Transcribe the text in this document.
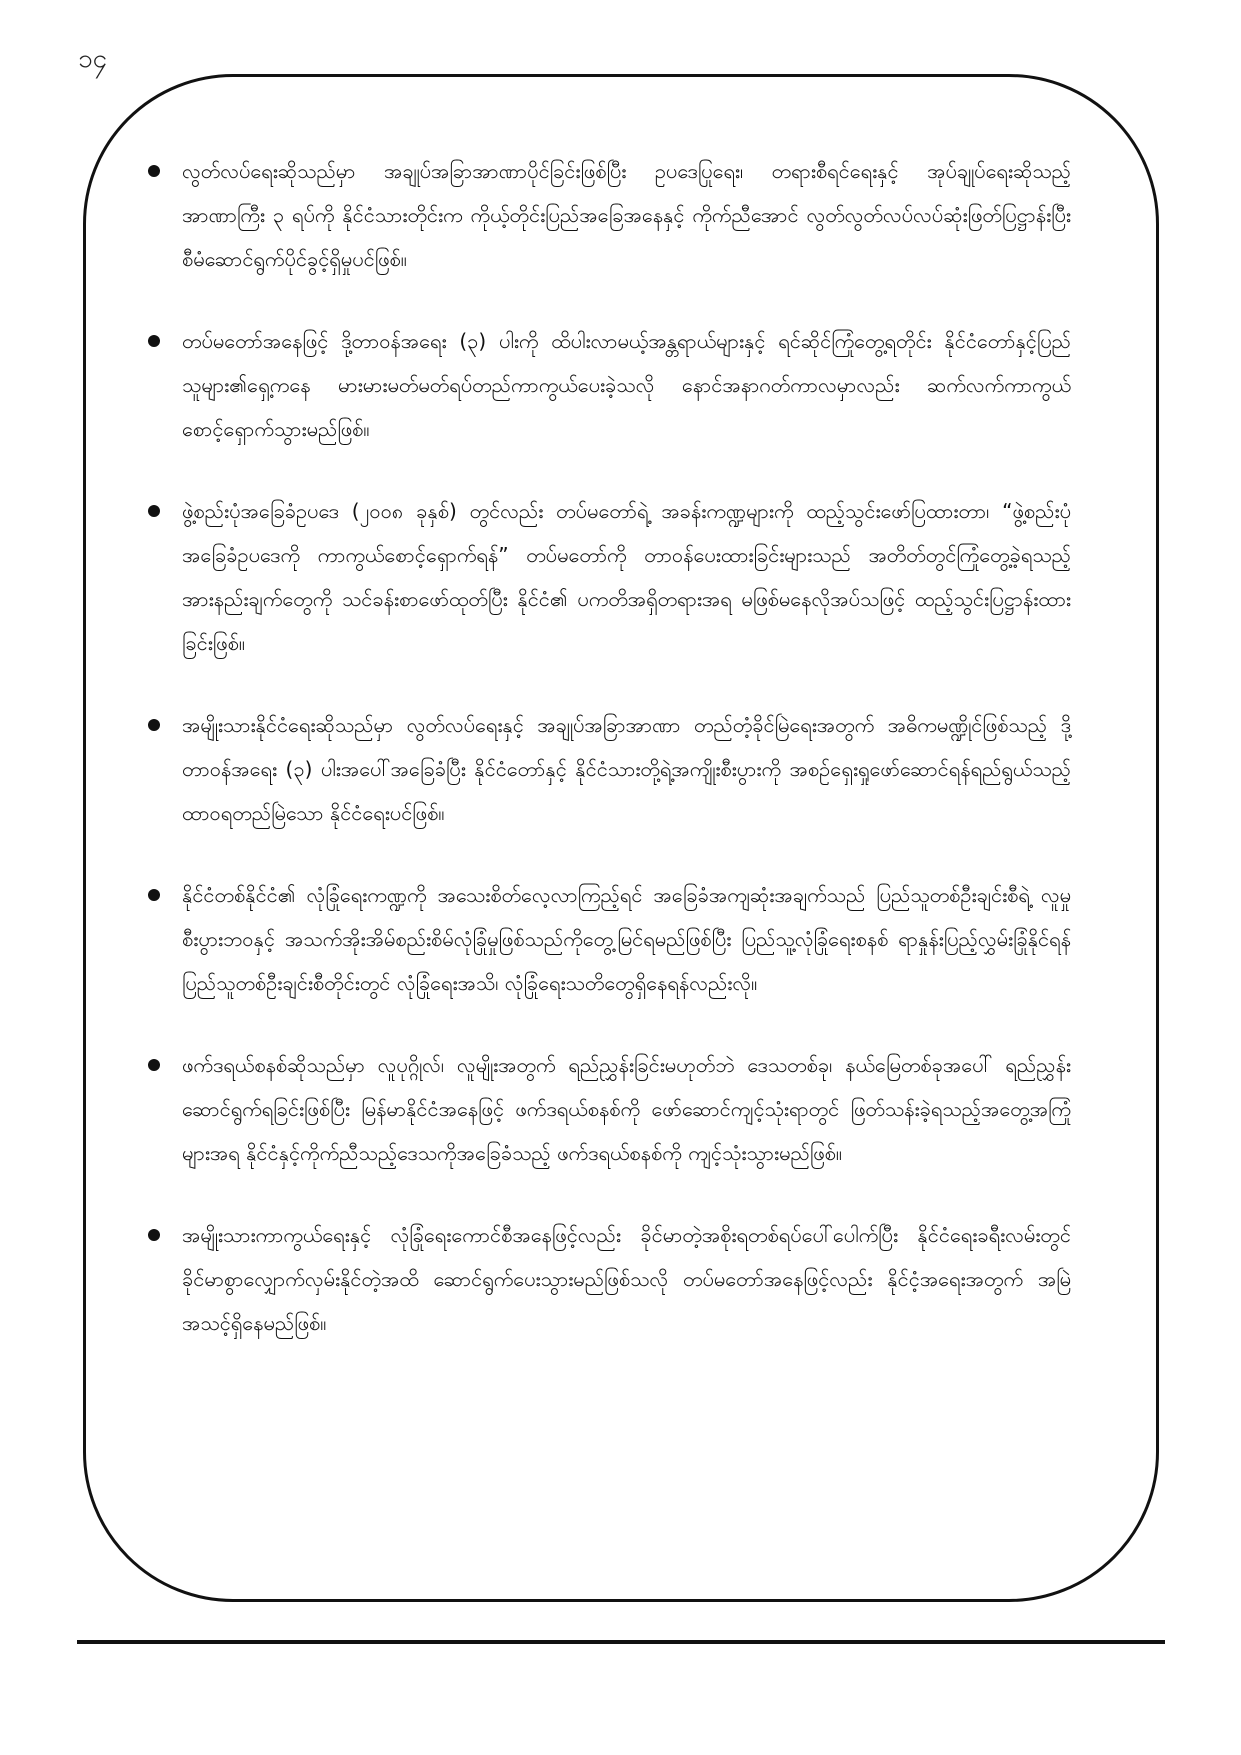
၁၄
လွတ်လပ်ရေးဆိုသည်မှာ အချုပ်အခြာအာဏာပိုင်ခြင်းဖြစ်ပြီး ဥပဒေပြုရေး၊ တရားစီရင်ရေးနှင့် အုပ်ချုပ်ရေးဆိုသည့် အာဏာကြီး ၃ ရပ်ကို နိုင်ငံသားတိုင်းက ကိုယ့်တိုင်းပြည်အခြေအနေနှင့် ကိုက်ညီအောင် လွတ်လွတ်လပ်လပ်ဆုံးဖြတ်ပြဋ္ဌာန်းပြီး စီမံဆောင်ရွက်ပိုင်ခွင့်ရှိမှုပင်ဖြစ်။
တပ်မတော်အနေဖြင့် ဒို့တာဝန်အရေး (၃) ပါးကို ထိပါးလာမယ့်အန္တရာယ်များနှင့် ရင်ဆိုင်ကြုံတွေ့ရတိုင်း နိုင်ငံတော်နှင့်ပြည်သူများ၏ရှေ့ကနေ မားမားမတ်မတ်ရပ်တည်ကာကွယ်ပေးခဲ့သလို နောင်အနာဂတ်ကာလမှာလည်း ဆက်လက်ကာကွယ်စောင့်ရှောက်သွားမည်ဖြစ်။
ဖွဲ့စည်းပုံအခြေခံဥပဒေ (၂၀၀၈ ခုနှစ်) တွင်လည်း တပ်မတော်ရဲ့ အခန်းကဏ္ဍများကို ထည့်သွင်းဖော်ပြထားတာ၊ “ဖွဲ့စည်းပုံအခြေခံဥပဒေကို ကာကွယ်စောင့်ရှောက်ရန်” တပ်မတော်ကို တာဝန်ပေးထားခြင်းများသည် အတိတ်တွင်ကြုံတွေ့ခဲ့ရသည့် အားနည်းချက်တွေကို သင်ခန်းစာဖော်ထုတ်ပြီး နိုင်ငံ၏ ပကတိအရှိတရားအရ မဖြစ်မနေလိုအပ်သဖြင့် ထည့်သွင်းပြဋ္ဌာန်းထားခြင်းဖြစ်။
အမျိုးသားနိုင်ငံရေးဆိုသည်မှာ လွတ်လပ်ရေးနှင့် အချုပ်အခြာအာဏာ တည်တံ့ခိုင်မြဲရေးအတွက် အဓိကမဏ္ဍိုင်ဖြစ်သည့် ဒို့တာဝန်အရေး (၃) ပါးအပေါ်အခြေခံပြီး နိုင်ငံတော်နှင့် နိုင်ငံသားတို့ရဲ့အကျိုးစီးပွားကို အစဉ်ရှေးရှုဖော်ဆောင်ရန်ရည်ရွယ်သည့် ထာဝရတည်မြဲသော နိုင်ငံရေးပင်ဖြစ်။
နိုင်ငံတစ်နိုင်ငံ၏ လုံခြုံရေးကဏ္ဍကို အသေးစိတ်လေ့လာကြည့်ရင် အခြေခံအကျဆုံးအချက်သည် ပြည်သူတစ်ဦးချင်းစီရဲ့ လူမှုစီးပွားဘဝနှင့် အသက်အိုးအိမ်စည်းစိမ်လုံခြုံမှုဖြစ်သည်ကိုတွေ့မြင်ရမည်ဖြစ်ပြီး ပြည်သူ့လုံခြုံရေးစနစ် ရာနှုန်းပြည့်လွှမ်းခြုံနိုင်ရန် ပြည်သူတစ်ဦးချင်းစီတိုင်းတွင် လုံခြုံရေးအသိ၊ လုံခြုံရေးသတိတွေရှိနေရန်လည်းလို။
ဖက်ဒရယ်စနစ်ဆိုသည်မှာ လူပုဂ္ဂိုလ်၊ လူမျိုးအတွက် ရည်ညွှန်းခြင်းမဟုတ်ဘဲ ဒေသတစ်ခု၊ နယ်မြေတစ်ခုအပေါ် ရည်ညွှန်းဆောင်ရွက်ရခြင်းဖြစ်ပြီး မြန်မာနိုင်ငံအနေဖြင့် ဖက်ဒရယ်စနစ်ကို ဖော်ဆောင်ကျင့်သုံးရာတွင် ဖြတ်သန်းခဲ့ရသည့်အတွေ့အကြုံများအရ နိုင်ငံနှင့်ကိုက်ညီသည့်ဒေသကိုအခြေခံသည့် ဖက်ဒရယ်စနစ်ကို ကျင့်သုံးသွားမည်ဖြစ်။
အမျိုးသားကာကွယ်ရေးနှင့် လုံခြုံရေးကောင်စီအနေဖြင့်လည်း ခိုင်မာတဲ့အစိုးရတစ်ရပ်ပေါ်ပေါက်ပြီး နိုင်ငံရေးခရီးလမ်းတွင် ခိုင်မာစွာလျှောက်လှမ်းနိုင်တဲ့အထိ ဆောင်ရွက်ပေးသွားမည်ဖြစ်သလို တပ်မတော်အနေဖြင့်လည်း နိုင်ငံ့အရေးအတွက် အမြဲအသင့်ရှိနေမည်ဖြစ်။
